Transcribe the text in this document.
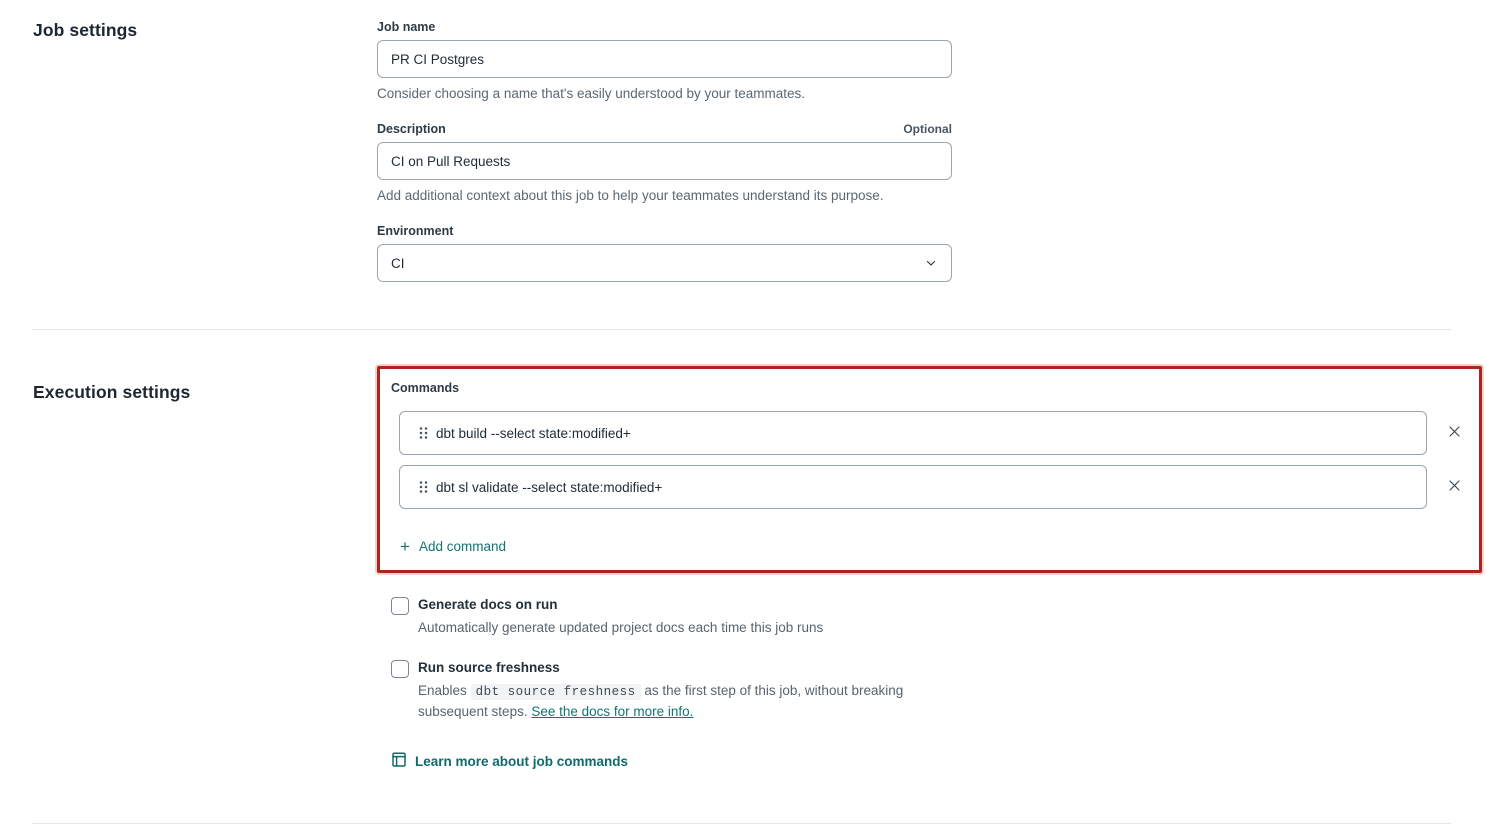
Job settings	Job name
PR CI Postgres
Consider choosing a name that's easily understood by your teammates.
Description	Optional
CI on Pull Requests
Add additional context about this job to help your teammates understand its purpose.
Environment
CI
Execution settings	Commands
dbt build --select state:modified+
dbt sl validate --select state:modified+
+ Add command
Generate docs on run
Automatically generate updated project docs each time this job runs
Run source freshness
Enables dbt source freshness as the first step of this job, without breaking subsequent steps. See the docs for more info.
Learn more about job commands
